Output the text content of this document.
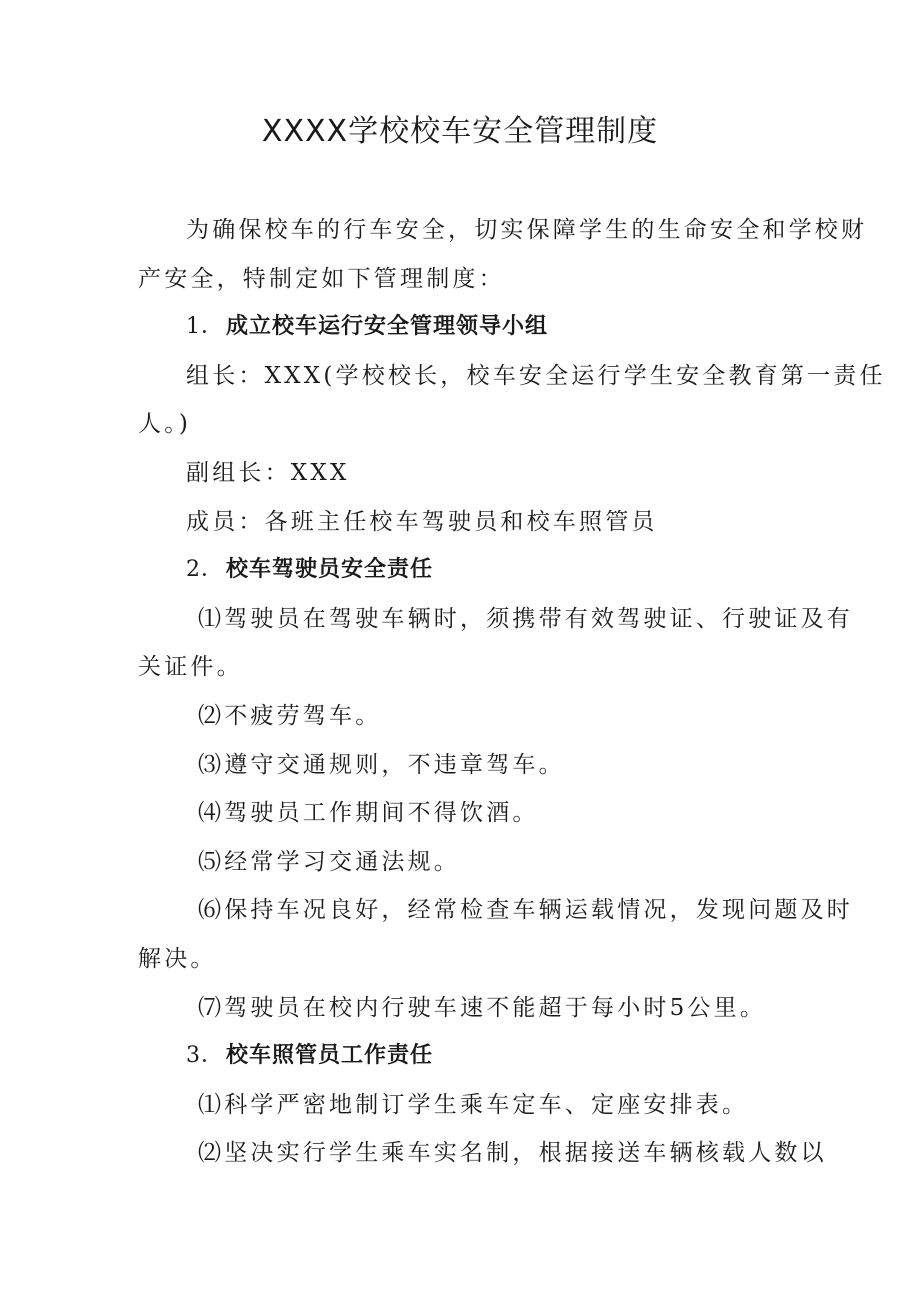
XXXX学校校车安全管理制度

为确保校车的行车安全，切实保障学生的生命安全和学校财
产安全，特制定如下管理制度：

1．成立校车运行安全管理领导小组

组长：XXX(学校校长，校车安全运行学生安全教育第一责任
人。)

副组长：XXX

成员：各班主任校车驾驶员和校车照管员

2．校车驾驶员安全责任

⑴驾驶员在驾驶车辆时，须携带有效驾驶证、行驶证及有
关证件。

⑵不疲劳驾车。

⑶遵守交通规则，不违章驾车。

⑷驾驶员工作期间不得饮酒。

⑸经常学习交通法规。

⑹保持车况良好，经常检查车辆运载情况，发现问题及时
解决。

⑺驾驶员在校内行驶车速不能超于每小时5公里。

3．校车照管员工作责任

⑴科学严密地制订学生乘车定车、定座安排表。

⑵坚决实行学生乘车实名制，根据接送车辆核载人数以
